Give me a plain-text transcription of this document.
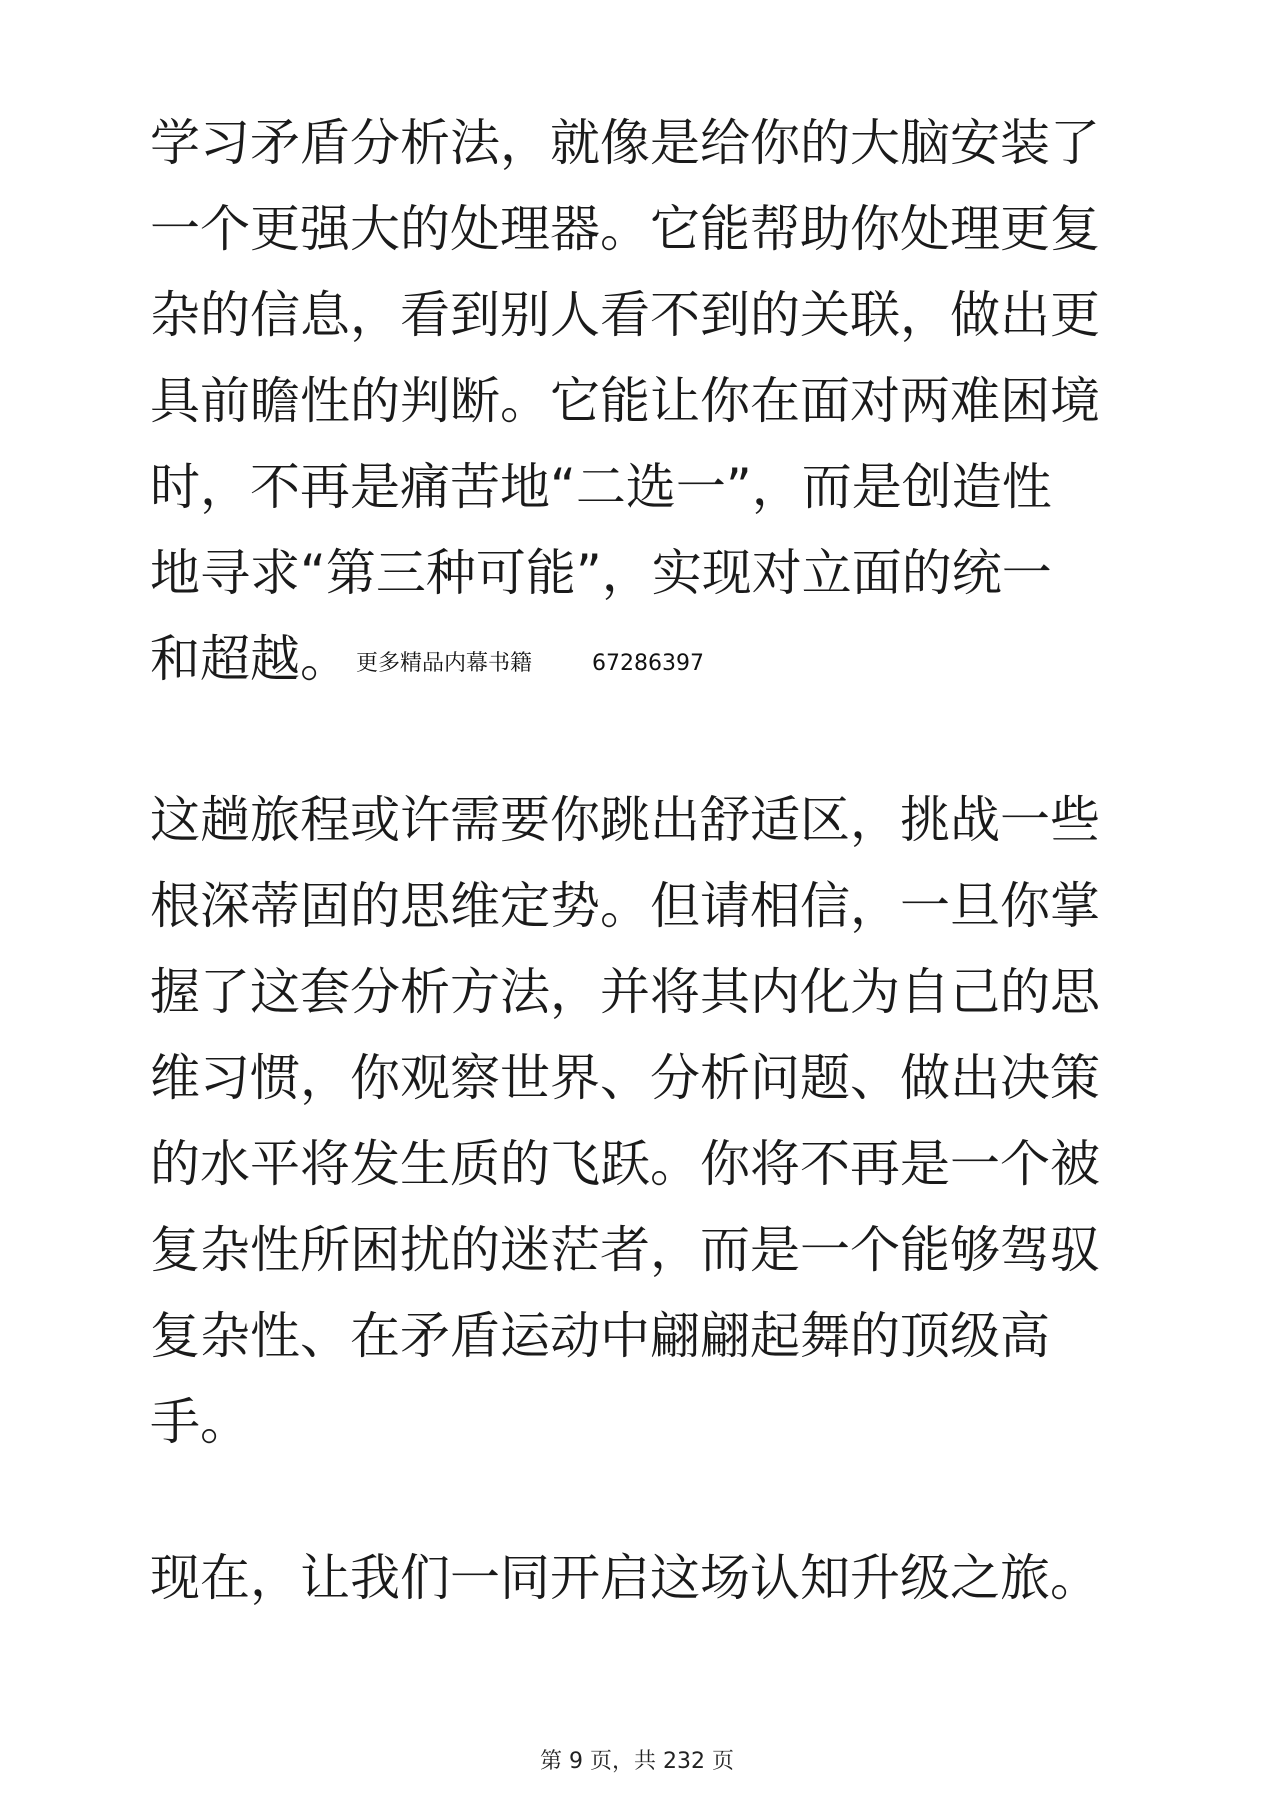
学习矛盾分析法，就像是给你的大脑安装了
一个更强大的处理器。它能帮助你处理更复
杂的信息，看到别人看不到的关联，做出更
具前瞻性的判断。它能让你在面对两难困境
时，不再是痛苦地“二选一”，而是创造性
地寻求“第三种可能”，实现对立面的统一
和超越。 更多精品内幕书籍	67286397

这趟旅程或许需要你跳出舒适区，挑战一些
根深蒂固的思维定势。但请相信，一旦你掌
握了这套分析方法，并将其内化为自己的思
维习惯，你观察世界、分析问题、做出决策
的水平将发生质的飞跃。你将不再是一个被
复杂性所困扰的迷茫者，而是一个能够驾驭
复杂性、在矛盾运动中翩翩起舞的顶级高
手。

现在，让我们一同开启这场认知升级之旅。

第 9 页，共 232 页
